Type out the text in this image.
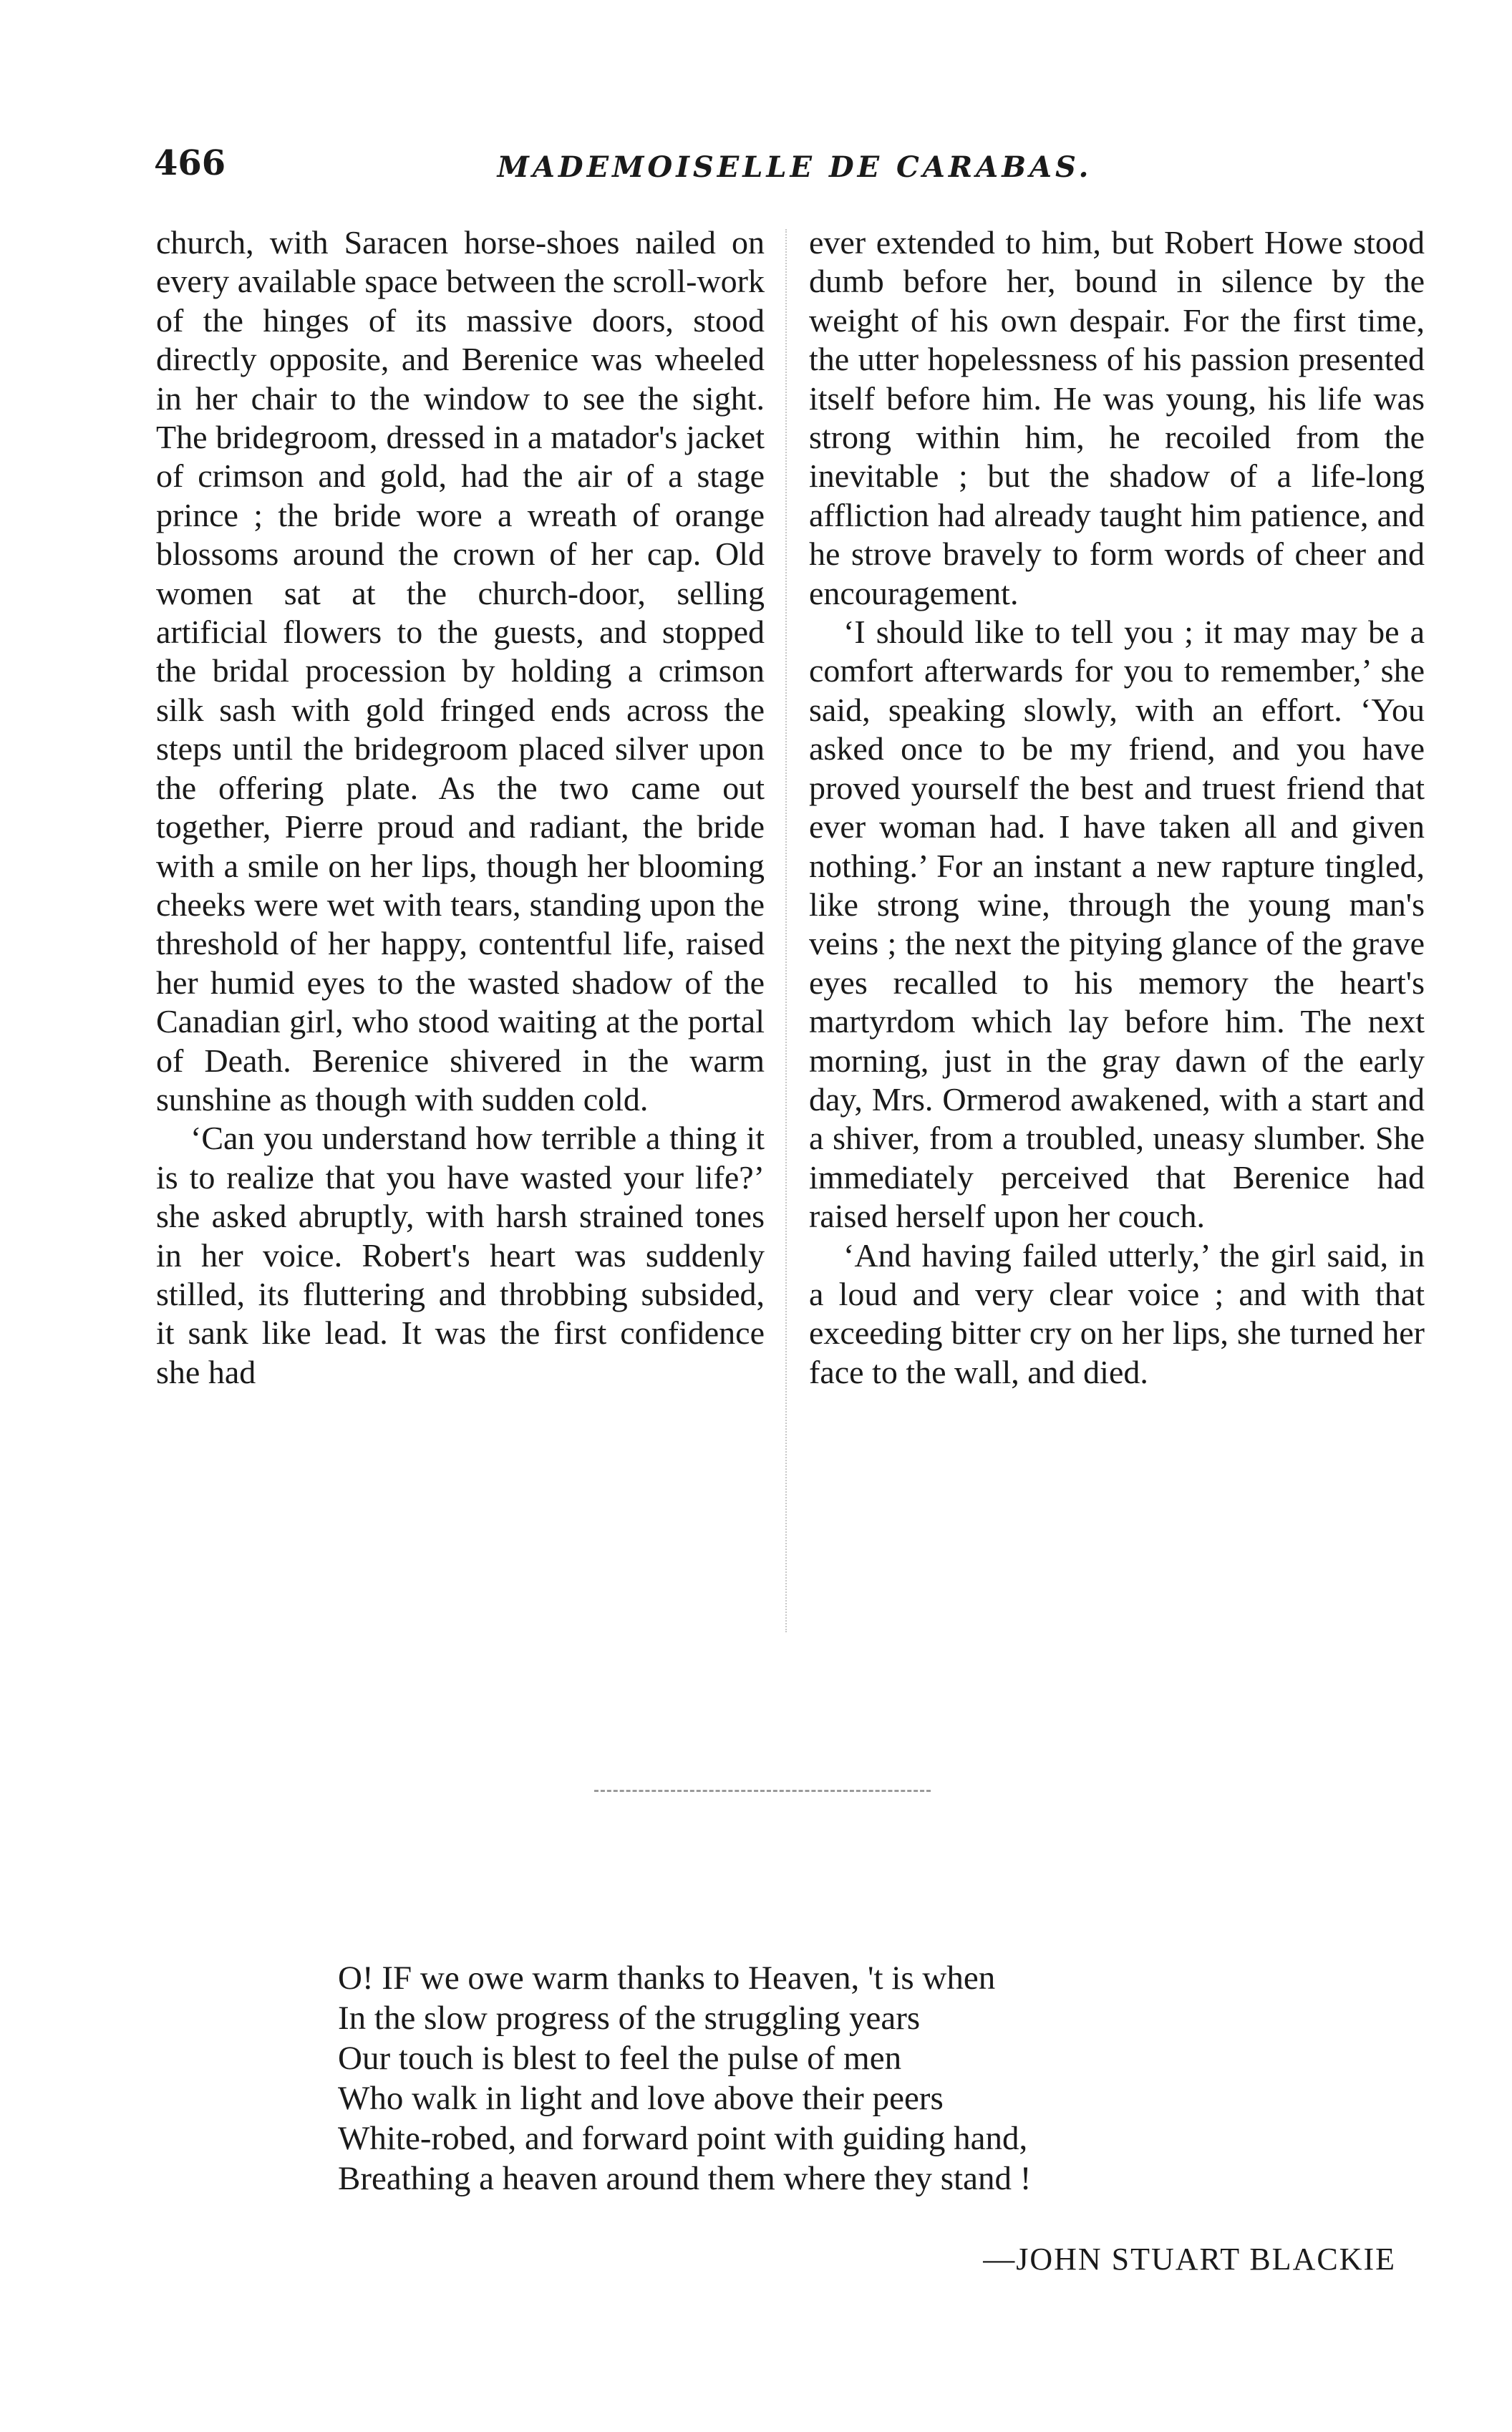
466	MADEMOISELLE DE CARABAS.

church, with Saracen horse-shoes nailed on every available space between the scroll-work of the hinges of its massive doors, stood directly opposite, and Berenice was wheeled in her chair to the window to see the sight. The bridegroom, dressed in a matador's jacket of crimson and gold, had the air of a stage prince ; the bride wore a wreath of orange blossoms around the crown of her cap. Old women sat at the church-door, selling artificial flowers to the guests, and stopped the bridal procession by holding a crimson silk sash with gold fringed ends across the steps until the bridegroom placed silver upon the offering plate. As the two came out together, Pierre proud and radiant, the bride with a smile on her lips, though her blooming cheeks were wet with tears, standing upon the threshold of her happy, contentful life, raised her humid eyes to the wasted shadow of the Canadian girl, who stood waiting at the portal of Death. Berenice shivered in the warm sunshine as though with sudden cold.

‘Can you understand how terrible a thing it is to realize that you have wasted your life?’ she asked abruptly, with harsh strained tones in her voice. Robert's heart was suddenly stilled, its fluttering and throbbing subsided, it sank like lead. It was the first confidence she had

ever extended to him, but Robert Howe stood dumb before her, bound in silence by the weight of his own despair. For the first time, the utter hopelessness of his passion presented itself before him. He was young, his life was strong within him, he recoiled from the inevitable ; but the shadow of a life-long affliction had already taught him patience, and he strove bravely to form words of cheer and encouragement.

‘I should like to tell you ; it may may be a comfort afterwards for you to remember,’ she said, speaking slowly, with an effort. ‘You asked once to be my friend, and you have proved yourself the best and truest friend that ever woman had. I have taken all and given nothing.’ For an instant a new rapture tingled, like strong wine, through the young man's veins ; the next the pitying glance of the grave eyes recalled to his memory the heart's martyrdom which lay before him. The next morning, just in the gray dawn of the early day, Mrs. Ormerod awakened, with a start and a shiver, from a troubled, uneasy slumber. She immediately perceived that Berenice had raised herself upon her couch.

‘And having failed utterly,’ the girl said, in a loud and very clear voice ; and with that exceeding bitter cry on her lips, she turned her face to the wall, and died.

O! IF we owe warm thanks to Heaven, 't is when
In the slow progress of the struggling years
Our touch is blest to feel the pulse of men
Who walk in light and love above their peers
White-robed, and forward point with guiding hand,
Breathing a heaven around them where they stand !
—JOHN STUART BLACKIE
